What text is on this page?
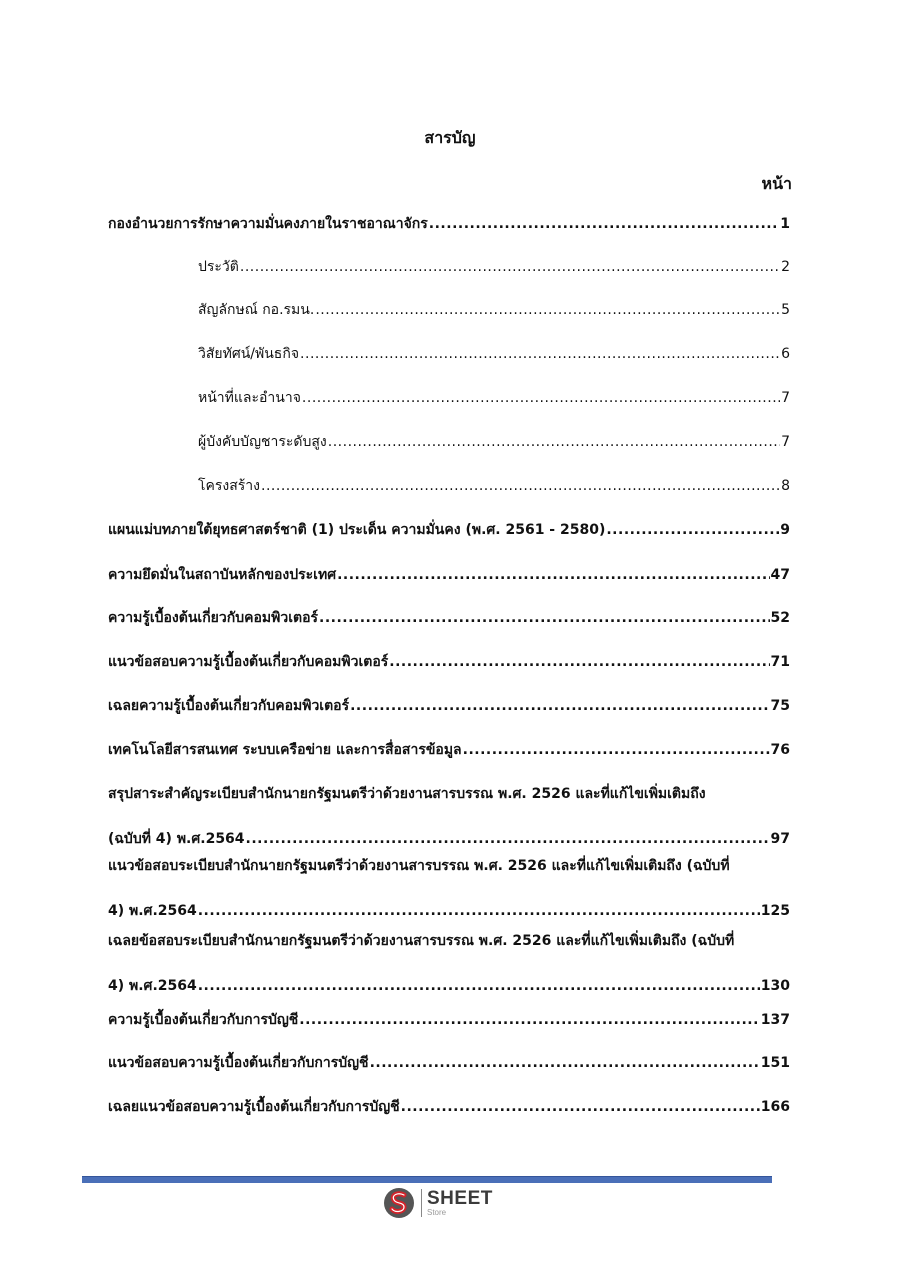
สารบัญ
หน้า
กองอำนวยการรักษาความมั่นคงภายในราชอาณาจักร .....	1
ประวัติ .....	2
สัญลักษณ์ กอ.รมน. .....	5
วิสัยทัศน์/พันธกิจ .....	6
หน้าที่และอำนาจ .....	7
ผู้บังคับบัญชาระดับสูง .....	7
โครงสร้าง .....	8
แผนแม่บทภายใต้ยุทธศาสตร์ชาติ (1) ประเด็น ความมั่นคง (พ.ศ. 2561 - 2580) .....	9
ความยึดมั่นในสถาบันหลักของประเทศ .....	47
ความรู้เบื้องต้นเกี่ยวกับคอมพิวเตอร์ .....	52
แนวข้อสอบความรู้เบื้องต้นเกี่ยวกับคอมพิวเตอร์ .....	71
เฉลยความรู้เบื้องต้นเกี่ยวกับคอมพิวเตอร์ .....	75
เทคโนโลยีสารสนเทศ ระบบเครือข่าย และการสื่อสารข้อมูล .....	76
สรุปสาระสำคัญระเบียบสำนักนายกรัฐมนตรีว่าด้วยงานสารบรรณ พ.ศ. 2526 และที่แก้ไขเพิ่มเติมถึง
(ฉบับที่ 4) พ.ศ.2564 .....	97
แนวข้อสอบระเบียบสำนักนายกรัฐมนตรีว่าด้วยงานสารบรรณ พ.ศ. 2526 และที่แก้ไขเพิ่มเติมถึง (ฉบับที่
4) พ.ศ.2564 .....	125
เฉลยข้อสอบระเบียบสำนักนายกรัฐมนตรีว่าด้วยงานสารบรรณ พ.ศ. 2526 และที่แก้ไขเพิ่มเติมถึง (ฉบับที่
4) พ.ศ.2564 .....	130
ความรู้เบื้องต้นเกี่ยวกับการบัญชี .....	137
แนวข้อสอบความรู้เบื้องต้นเกี่ยวกับการบัญชี .....	151
เฉลยแนวข้อสอบความรู้เบื้องต้นเกี่ยวกับการบัญชี .....	166
SHEET
Store
